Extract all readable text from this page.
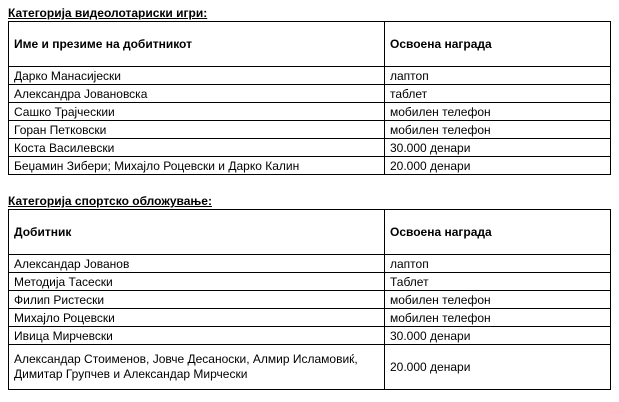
Категорија видеолотариски игри:
Име и презиме на добитникот	Освоена награда
Дарко Манасијески	лаптоп
Александра Јовановска	таблет
Сашко Трајческии	мобилен телефон
Горан Петковски	мобилен телефон
Коста Василевски	30.000 денари
Беџамин Зибери; Михајло Роцевски и Дарко Калин	20.000 денари
Категорија спортско обложување:
Добитник	Освоена награда
Александар Јованов	лаптоп
Методија Тасески	Таблет
Филип Ристески	мобилен телефон
Михајло Роцевски	мобилен телефон
Ивица Мирчевски	30.000 денари
Александар Стоименов, Јовче Десаноски, Алмир Исламовиќ, Димитар Групчев и Александар Мирчески	20.000 денари
